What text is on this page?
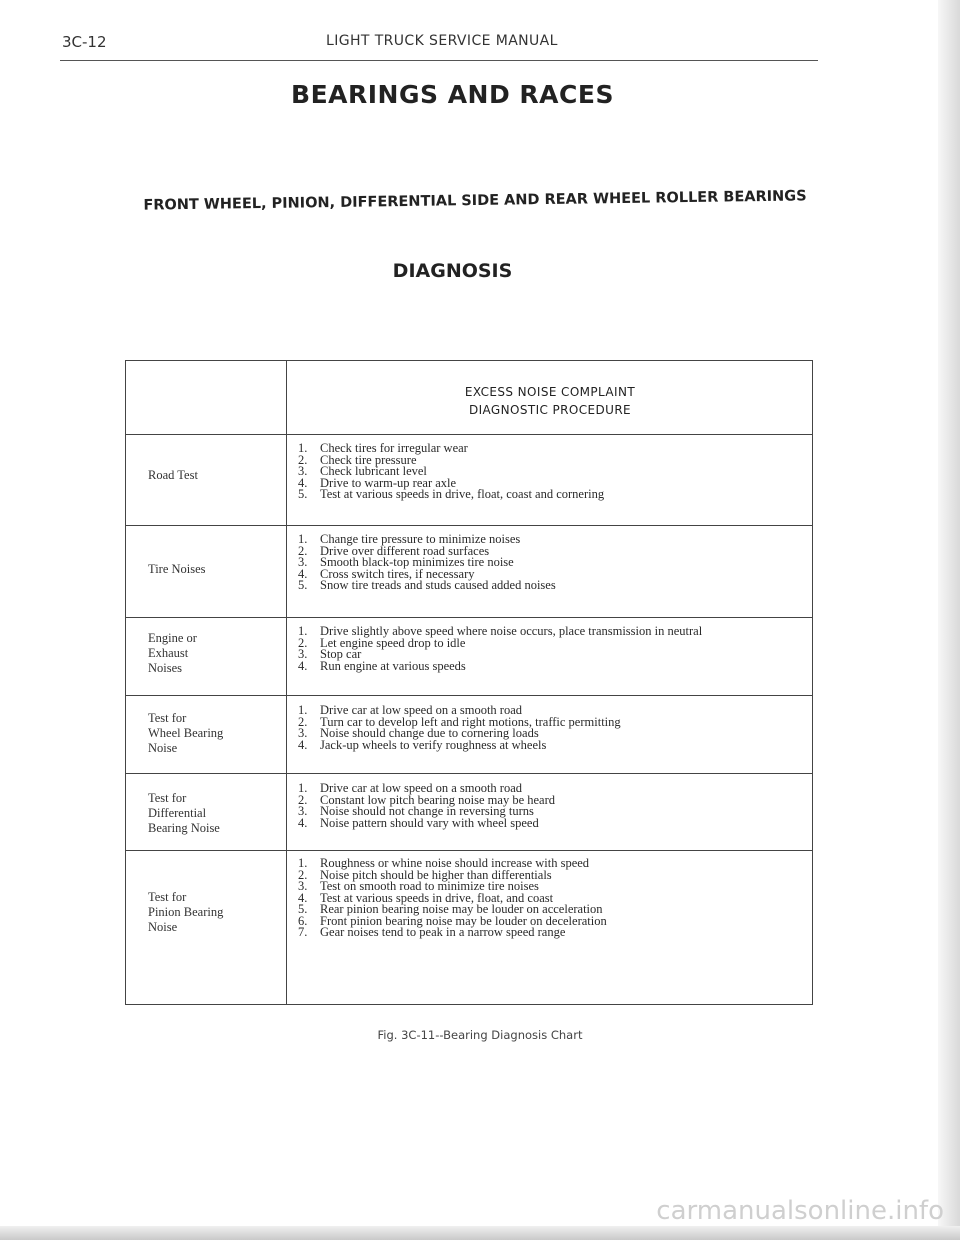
3C-12	LIGHT TRUCK SERVICE MANUAL
BEARINGS AND RACES
FRONT WHEEL, PINION, DIFFERENTIAL SIDE AND REAR WHEEL ROLLER BEARINGS
DIAGNOSIS
EXCESS NOISE COMPLAINT
DIAGNOSTIC PROCEDURE
Road Test
1.	Check tires for irregular wear
2.	Check tire pressure
3.	Check lubricant level
4.	Drive to warm-up rear axle
5.	Test at various speeds in drive, float, coast and cornering
Tire Noises
1.	Change tire pressure to minimize noises
2.	Drive over different road surfaces
3.	Smooth black-top minimizes tire noise
4.	Cross switch tires, if necessary
5.	Snow tire treads and studs caused added noises
Engine or
Exhaust
Noises
1.	Drive slightly above speed where noise occurs, place transmission in neutral
2.	Let engine speed drop to idle
3.	Stop car
4.	Run engine at various speeds
Test for
Wheel Bearing
Noise
1.	Drive car at low speed on a smooth road
2.	Turn car to develop left and right motions, traffic permitting
3.	Noise should change due to cornering loads
4.	Jack-up wheels to verify roughness at wheels
Test for
Differential
Bearing Noise
1.	Drive car at low speed on a smooth road
2.	Constant low pitch bearing noise may be heard
3.	Noise should not change in reversing turns
4.	Noise pattern should vary with wheel speed
Test for
Pinion Bearing
Noise
1.	Roughness or whine noise should increase with speed
2.	Noise pitch should be higher than differentials
3.	Test on smooth road to minimize tire noises
4.	Test at various speeds in drive, float, and coast
5.	Rear pinion bearing noise may be louder on acceleration
6.	Front pinion bearing noise may be louder on deceleration
7.	Gear noises tend to peak in a narrow speed range
Fig. 3C-11--Bearing Diagnosis Chart
carmanualsonline.info
